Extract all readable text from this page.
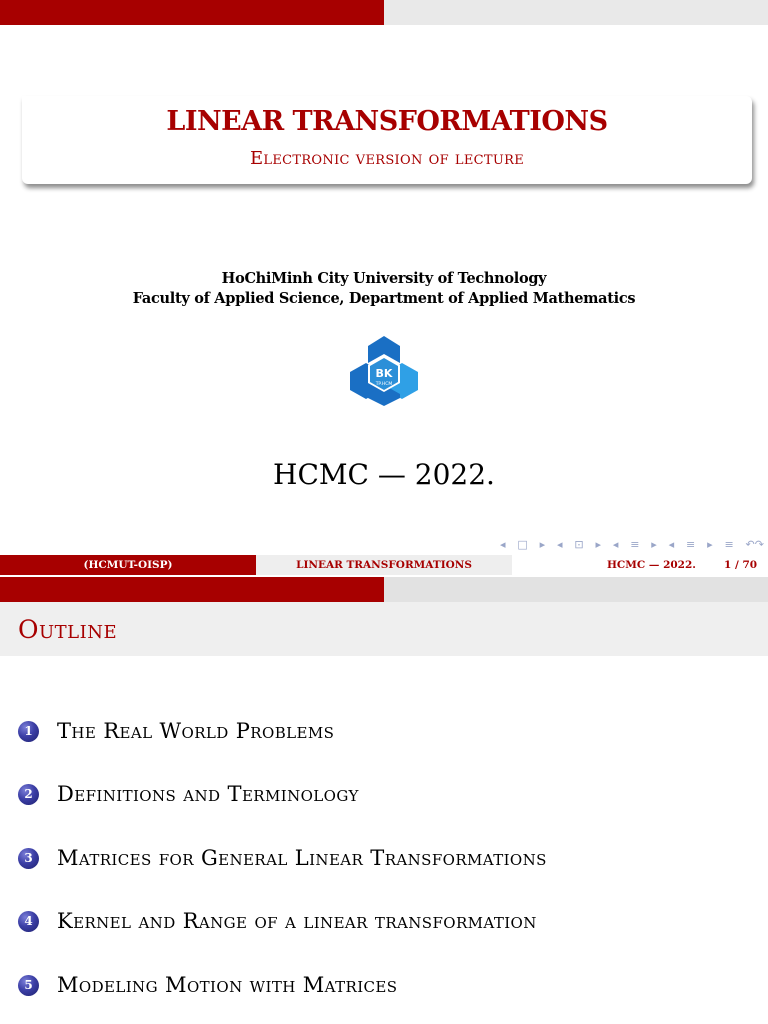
LINEAR TRANSFORMATIONS
Electronic version of lecture
HoChiMinh City University of Technology
Faculty of Applied Science, Department of Applied Mathematics
BK
TP.HCM
HCMC — 2022.
◂ □ ▸ ◂ ⊡ ▸ ◂ ≡ ▸ ◂ ≡ ▸ ≡ ↶↷
(HCMUT-OISP)	LINEAR TRANSFORMATIONS	HCMC — 2022.	1 / 70
Outline
1	The Real World Problems
2	Definitions and Terminology
3	Matrices for General Linear Transformations
4	Kernel and Range of a linear transformation
5	Modeling Motion with Matrices
